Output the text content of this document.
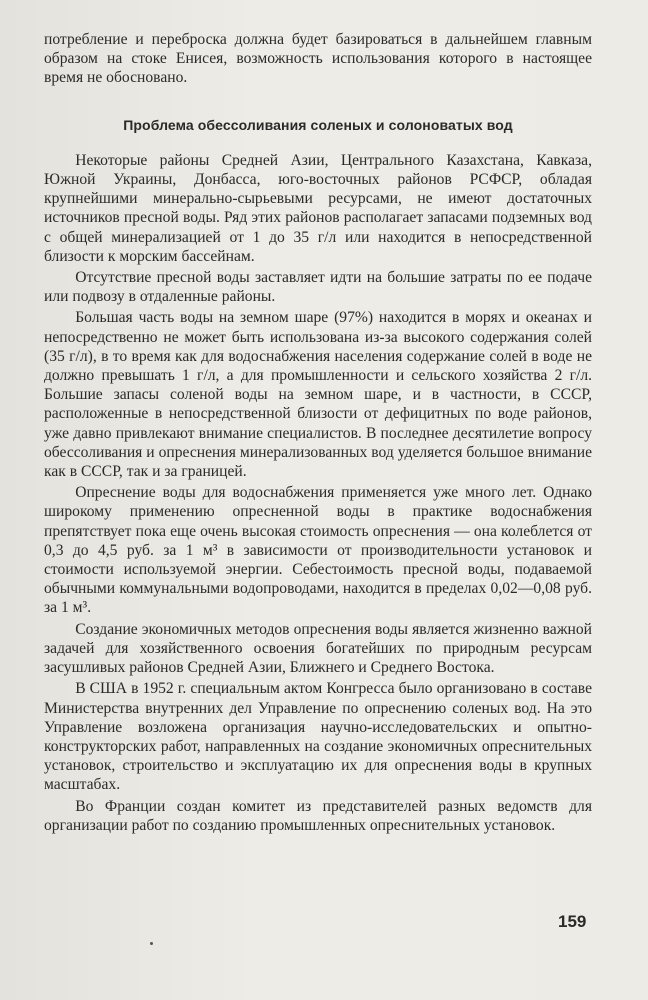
потребление и переброска должна будет базироваться в дальнейшем главным образом на стоке Енисея, возможность использования которого в настоящее время не обосновано.

Проблема обессоливания соленых и солоноватых вод

Некоторые районы Средней Азии, Центрального Казахстана, Кавказа, Южной Украины, Донбасса, юго-восточных районов РСФСР, обладая крупнейшими минерально-сырьевыми ресурсами, не имеют достаточных источников пресной воды. Ряд этих районов располагает запасами подземных вод с общей минерализацией от 1 до 35 г/л или находится в непосредственной близости к морским бассейнам.

Отсутствие пресной воды заставляет идти на большие затраты по ее подаче или подвозу в отдаленные районы.

Большая часть воды на земном шаре (97%) находится в морях и океанах и непосредственно не может быть использована из-за высокого содержания солей (35 г/л), в то время как для водоснабжения населения содержание солей в воде не должно превышать 1 г/л, а для промышленности и сельского хозяйства 2 г/л. Большие запасы соленой воды на земном шаре, и в частности, в СССР, расположенные в непосредственной близости от дефицитных по воде районов, уже давно привлекают внимание специалистов. В последнее десятилетие вопросу обессоливания и опреснения минерализованных вод уделяется большое внимание как в СССР, так и за границей.

Опреснение воды для водоснабжения применяется уже много лет. Однако широкому применению опресненной воды в практике водоснабжения препятствует пока еще очень высокая стоимость опреснения — она колеблется от 0,3 до 4,5 руб. за 1 м³ в зависимости от производительности установок и стоимости используемой энергии. Себестоимость пресной воды, подаваемой обычными коммунальными водопроводами, находится в пределах 0,02—0,08 руб. за 1 м³.

Создание экономичных методов опреснения воды является жизненно важной задачей для хозяйственного освоения богатейших по природным ресурсам засушливых районов Средней Азии, Ближнего и Среднего Востока.

В США в 1952 г. специальным актом Конгресса было организовано в составе Министерства внутренних дел Управление по опреснению соленых вод. На это Управление возложена организация научно-исследовательских и опытно-конструкторских работ, направленных на создание экономичных опреснительных установок, строительство и эксплуатацию их для опреснения воды в крупных масштабах.

Во Франции создан комитет из представителей разных ведомств для организации работ по созданию промышленных опреснительных установок.

159
